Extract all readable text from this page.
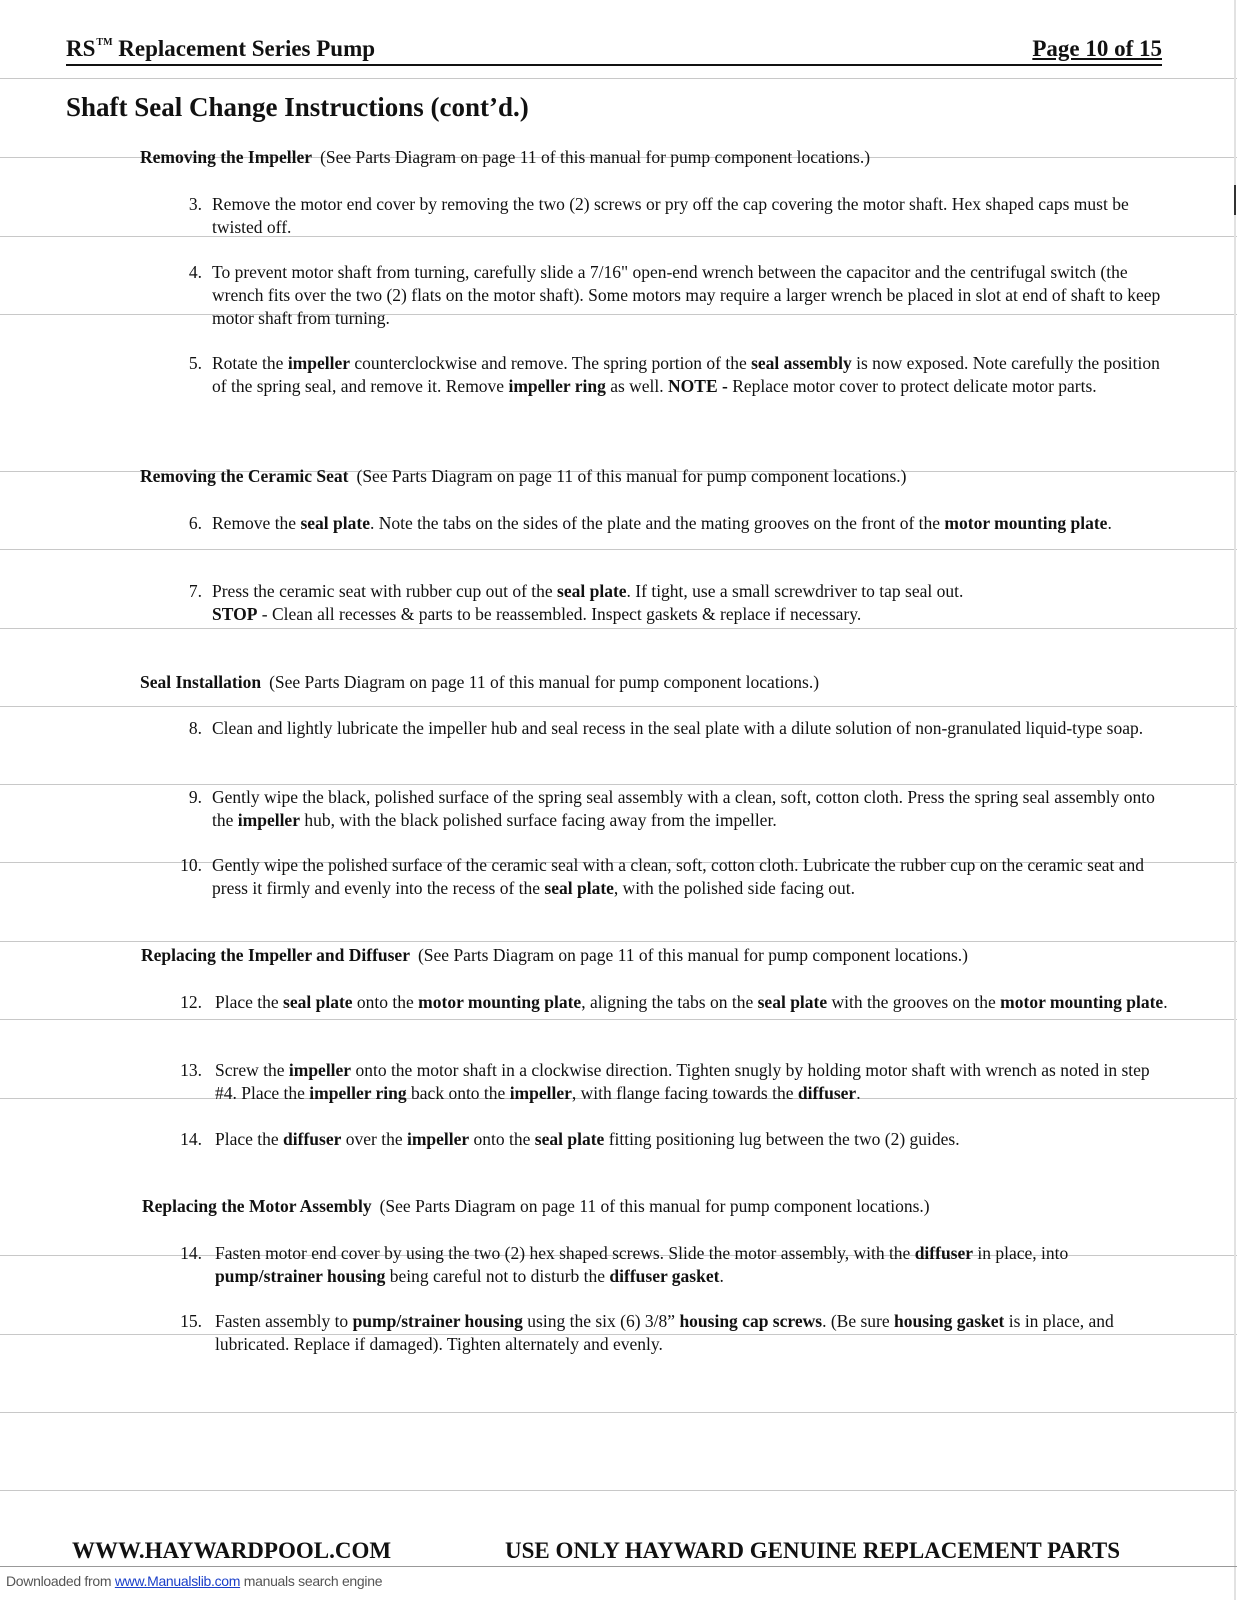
RS™ Replacement Series Pump	Page 10 of 15
Shaft Seal Change Instructions (cont’d.)
Removing the Impeller (See Parts Diagram on page 11 of this manual for pump component locations.)
Removing the Ceramic Seat (See Parts Diagram on page 11 of this manual for pump component locations.)
Seal Installation (See Parts Diagram on page 11 of this manual for pump component locations.)
Replacing the Impeller and Diffuser (See Parts Diagram on page 11 of this manual for pump component locations.)
Replacing the Motor Assembly (See Parts Diagram on page 11 of this manual for pump component locations.)
3. Remove the motor end cover by removing the two (2) screws or pry off the cap covering the motor shaft. Hex shaped caps must be twisted off.
4. To prevent motor shaft from turning, carefully slide a 7/16" open-end wrench between the capacitor and the centrifugal switch (the wrench fits over the two (2) flats on the motor shaft). Some motors may require a larger wrench be placed in slot at end of shaft to keep motor shaft from turning.
5. Rotate the impeller counterclockwise and remove. The spring portion of the seal assembly is now exposed. Note carefully the position of the spring seal, and remove it. Remove impeller ring as well. NOTE - Replace motor cover to protect delicate motor parts.
6. Remove the seal plate. Note the tabs on the sides of the plate and the mating grooves on the front of the motor mounting plate.
7. Press the ceramic seat with rubber cup out of the seal plate. If tight, use a small screwdriver to tap seal out.
STOP - Clean all recesses & parts to be reassembled. Inspect gaskets & replace if necessary.
8. Clean and lightly lubricate the impeller hub and seal recess in the seal plate with a dilute solution of non-granulated liquid-type soap.
9. Gently wipe the black, polished surface of the spring seal assembly with a clean, soft, cotton cloth. Press the spring seal assembly onto the impeller hub, with the black polished surface facing away from the impeller.
10. Gently wipe the polished surface of the ceramic seal with a clean, soft, cotton cloth. Lubricate the rubber cup on the ceramic seat and press it firmly and evenly into the recess of the seal plate, with the polished side facing out.
12. Place the seal plate onto the motor mounting plate, aligning the tabs on the seal plate with the grooves on the motor mounting plate.
13. Screw the impeller onto the motor shaft in a clockwise direction. Tighten snugly by holding motor shaft with wrench as noted in step #4. Place the impeller ring back onto the impeller, with flange facing towards the diffuser.
14. Place the diffuser over the impeller onto the seal plate fitting positioning lug between the two (2) guides.
14. Fasten motor end cover by using the two (2) hex shaped screws. Slide the motor assembly, with the diffuser in place, into pump/strainer housing being careful not to disturb the diffuser gasket.
15. Fasten assembly to pump/strainer housing using the six (6) 3/8” housing cap screws. (Be sure housing gasket is in place, and lubricated. Replace if damaged). Tighten alternately and evenly.
WWW.HAYWARDPOOL.COM	USE ONLY HAYWARD GENUINE REPLACEMENT PARTS
Downloaded from www.Manualslib.com manuals search engine
